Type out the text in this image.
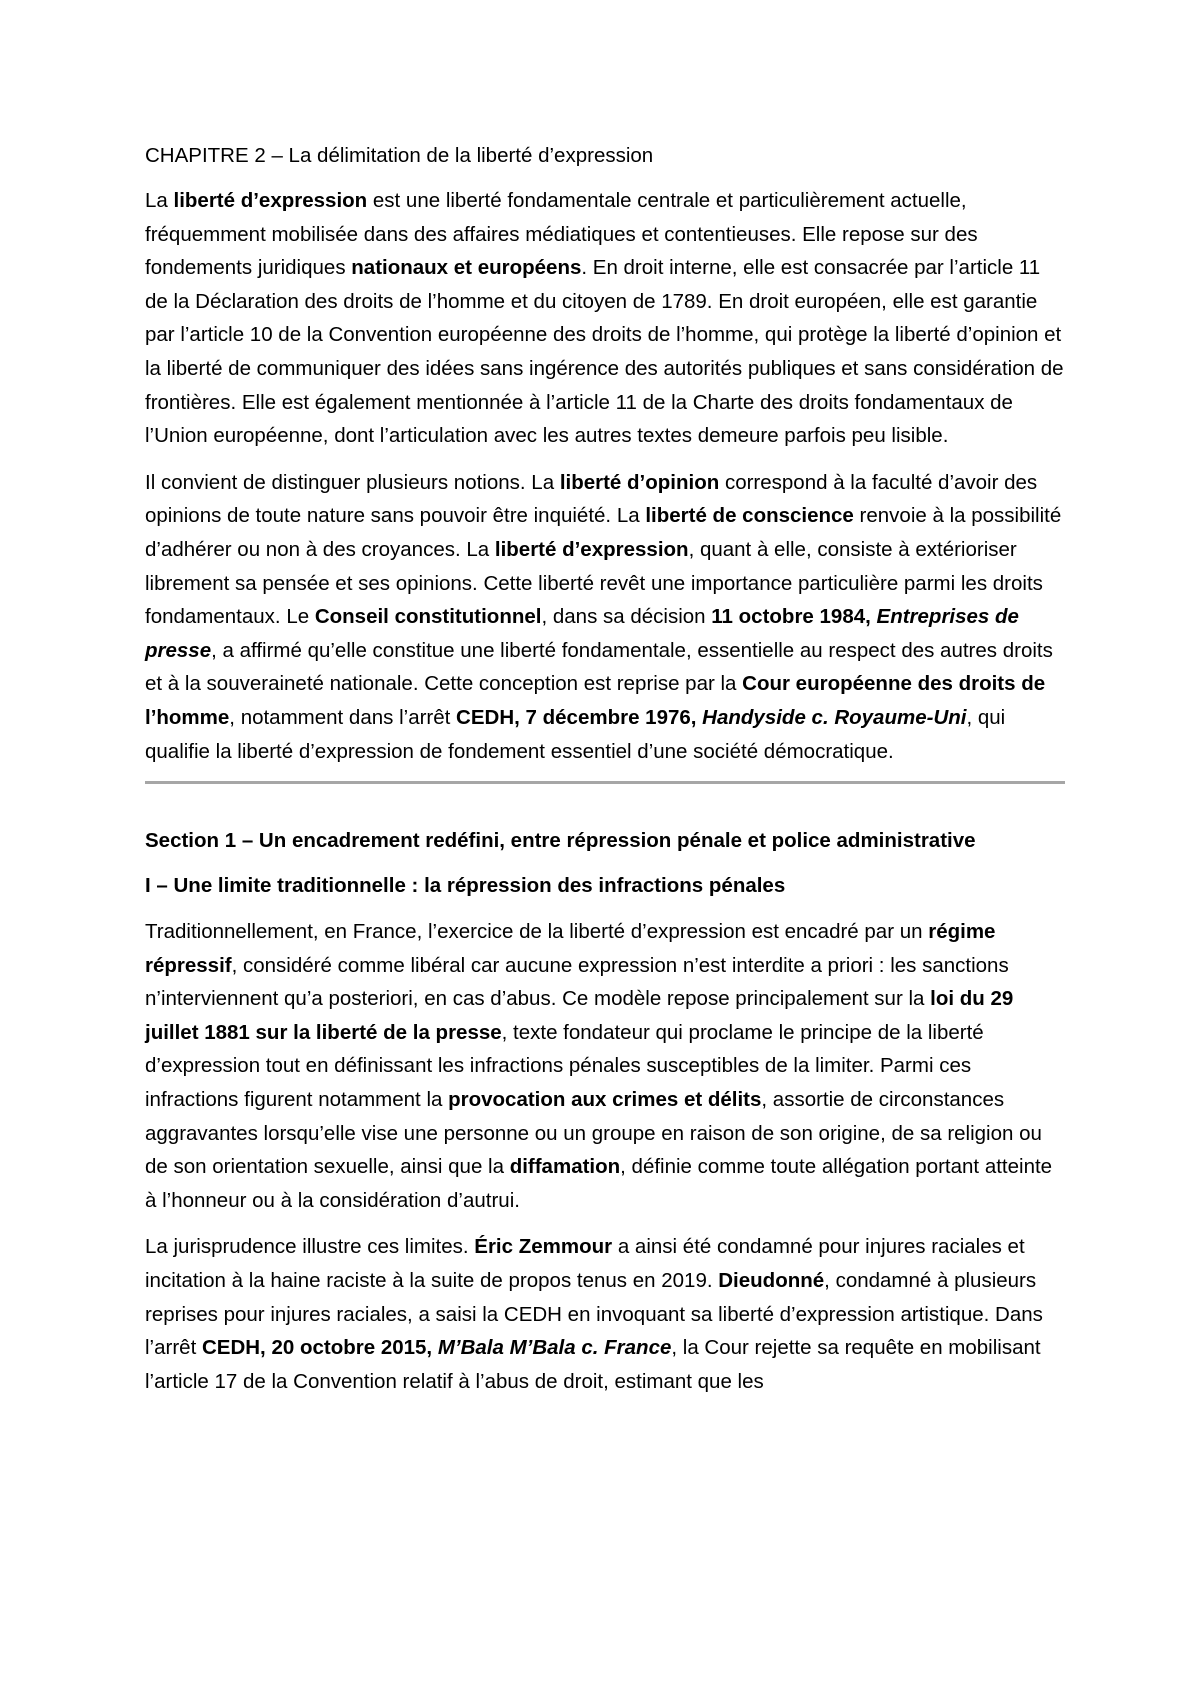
CHAPITRE 2 – La délimitation de la liberté d’expression

La liberté d’expression est une liberté fondamentale centrale et particulièrement actuelle, fréquemment mobilisée dans des affaires médiatiques et contentieuses. Elle repose sur des fondements juridiques nationaux et européens. En droit interne, elle est consacrée par l’article 11 de la Déclaration des droits de l’homme et du citoyen de 1789. En droit européen, elle est garantie par l’article 10 de la Convention européenne des droits de l’homme, qui protège la liberté d’opinion et la liberté de communiquer des idées sans ingérence des autorités publiques et sans considération de frontières. Elle est également mentionnée à l’article 11 de la Charte des droits fondamentaux de l’Union européenne, dont l’articulation avec les autres textes demeure parfois peu lisible.

Il convient de distinguer plusieurs notions. La liberté d’opinion correspond à la faculté d’avoir des opinions de toute nature sans pouvoir être inquiété. La liberté de conscience renvoie à la possibilité d’adhérer ou non à des croyances. La liberté d’expression, quant à elle, consiste à extérioriser librement sa pensée et ses opinions. Cette liberté revêt une importance particulière parmi les droits fondamentaux. Le Conseil constitutionnel, dans sa décision 11 octobre 1984, Entreprises de presse, a affirmé qu’elle constitue une liberté fondamentale, essentielle au respect des autres droits et à la souveraineté nationale. Cette conception est reprise par la Cour européenne des droits de l’homme, notamment dans l’arrêt CEDH, 7 décembre 1976, Handyside c. Royaume-Uni, qui qualifie la liberté d’expression de fondement essentiel d’une société démocratique.

Section 1 – Un encadrement redéfini, entre répression pénale et police administrative
I – Une limite traditionnelle : la répression des infractions pénales

Traditionnellement, en France, l’exercice de la liberté d’expression est encadré par un régime répressif, considéré comme libéral car aucune expression n’est interdite a priori : les sanctions n’interviennent qu’a posteriori, en cas d’abus. Ce modèle repose principalement sur la loi du 29 juillet 1881 sur la liberté de la presse, texte fondateur qui proclame le principe de la liberté d’expression tout en définissant les infractions pénales susceptibles de la limiter. Parmi ces infractions figurent notamment la provocation aux crimes et délits, assortie de circonstances aggravantes lorsqu’elle vise une personne ou un groupe en raison de son origine, de sa religion ou de son orientation sexuelle, ainsi que la diffamation, définie comme toute allégation portant atteinte à l’honneur ou à la considération d’autrui.

La jurisprudence illustre ces limites. Éric Zemmour a ainsi été condamné pour injures raciales et incitation à la haine raciste à la suite de propos tenus en 2019. Dieudonné, condamné à plusieurs reprises pour injures raciales, a saisi la CEDH en invoquant sa liberté d’expression artistique. Dans l’arrêt CEDH, 20 octobre 2015, M’Bala M’Bala c. France, la Cour rejette sa requête en mobilisant l’article 17 de la Convention relatif à l’abus de droit, estimant que les
